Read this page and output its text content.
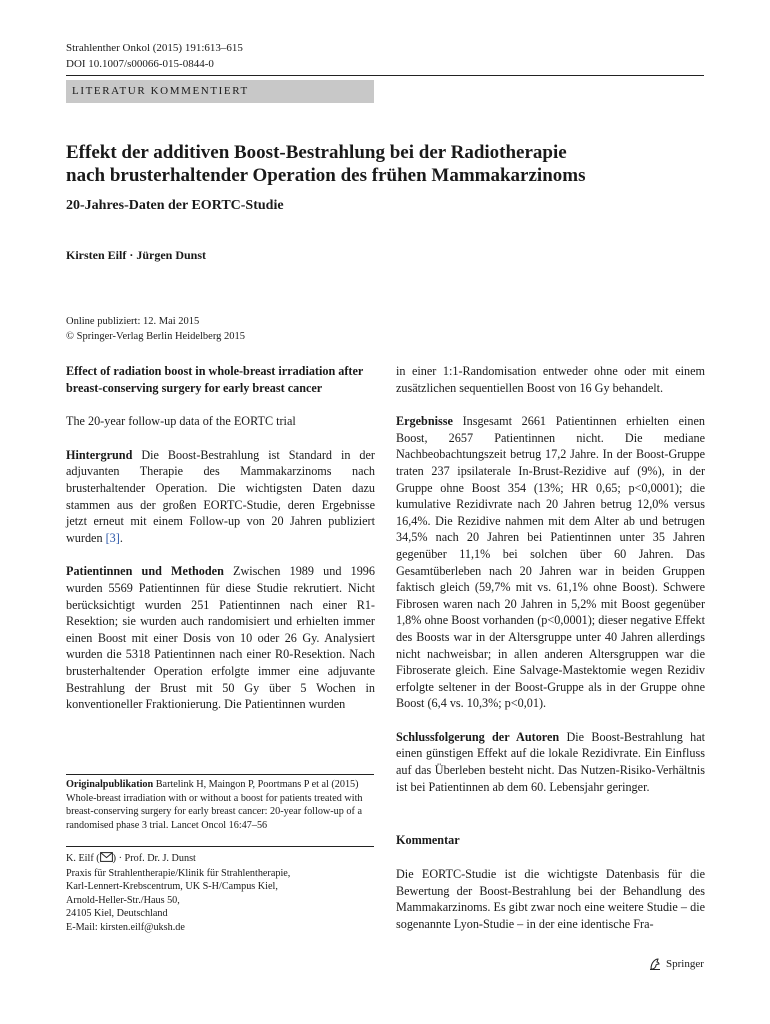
Strahlenther Onkol (2015) 191:613–615
DOI 10.1007/s00066-015-0844-0
LITERATUR KOMMENTIERT
Effekt der additiven Boost-Bestrahlung bei der Radiotherapie
nach brusterhaltender Operation des frühen Mammakarzinoms
20-Jahres-Daten der EORTC-Studie
Kirsten Eilf · Jürgen Dunst
Online publiziert: 12. Mai 2015
© Springer-Verlag Berlin Heidelberg 2015

Effect of radiation boost in whole-breast irradiation after breast-conserving surgery for early breast cancer

The 20-year follow-up data of the EORTC trial

Hintergrund Die Boost-Bestrahlung ist Standard in der adjuvanten Therapie des Mammakarzinoms nach brusterhaltender Operation. Die wichtigsten Daten dazu stammen aus der großen EORTC-Studie, deren Ergebnisse jetzt erneut mit einem Follow-up von 20 Jahren publiziert wurden [3].

Patientinnen und Methoden Zwischen 1989 und 1996 wurden 5569 Patientinnen für diese Studie rekrutiert. Nicht berücksichtigt wurden 251 Patientinnen nach einer R1-Resektion; sie wurden auch randomisiert und erhielten immer einen Boost mit einer Dosis von 10 oder 26 Gy. Analysiert wurden die 5318 Patientinnen nach einer R0-Resektion. Nach brusterhaltender Operation erfolgte immer eine adjuvante Bestrahlung der Brust mit 50 Gy über 5 Wochen in konventioneller Fraktionierung. Die Patientinnen wurden

Originalpublikation Bartelink H, Maingon P, Poortmans P et al (2015) Whole-breast irradiation with or without a boost for patients treated with breast-conserving surgery for early breast cancer: 20-year follow-up of a randomised phase 3 trial. Lancet Oncol 16:47–56
K. Eilf ( ) · Prof. Dr. J. Dunst
Praxis für Strahlentherapie/Klinik für Strahlentherapie,
Karl-Lennert-Krebscentrum, UK S-H/Campus Kiel,
Arnold-Heller-Str./Haus 50,
24105 Kiel, Deutschland
E-Mail: kirsten.eilf@uksh.de

in einer 1:1-Randomisation entweder ohne oder mit einem zusätzlichen sequentiellen Boost von 16 Gy behandelt.

Ergebnisse Insgesamt 2661 Patientinnen erhielten einen Boost, 2657 Patientinnen nicht. Die mediane Nachbeobachtungszeit betrug 17,2 Jahre. In der Boost-Gruppe traten 237 ipsilaterale In-Brust-Rezidive auf (9%), in der Gruppe ohne Boost 354 (13%; HR 0,65; p<0,0001); die kumulative Rezidivrate nach 20 Jahren betrug 12,0% versus 16,4%. Die Rezidive nahmen mit dem Alter ab und betrugen 34,5% nach 20 Jahren bei Patientinnen unter 35 Jahren gegenüber 11,1% bei solchen über 60 Jahren. Das Gesamtüberleben nach 20 Jahren war in beiden Gruppen faktisch gleich (59,7% mit vs. 61,1% ohne Boost). Schwere Fibrosen waren nach 20 Jahren in 5,2% mit Boost gegenüber 1,8% ohne Boost vorhanden (p<0,0001); dieser negative Effekt des Boosts war in der Altersgruppe unter 40 Jahren allerdings nicht nachweisbar; in allen anderen Altersgruppen war die Fibroserate gleich. Eine Salvage-Mastektomie wegen Rezidiv erfolgte seltener in der Boost-Gruppe als in der Gruppe ohne Boost (6,4 vs. 10,3%; p<0,01).

Schlussfolgerung der Autoren Die Boost-Bestrahlung hat einen günstigen Effekt auf die lokale Rezidivrate. Ein Einfluss auf das Überleben besteht nicht. Das Nutzen-Risiko-Verhältnis ist bei Patientinnen ab dem 60. Lebensjahr geringer.

Kommentar
Die EORTC-Studie ist die wichtigste Datenbasis für die Bewertung der Boost-Bestrahlung bei der Behandlung des Mammakarzinoms. Es gibt zwar noch eine weitere Studie – die sogenannte Lyon-Studie – in der eine identische Fra-
Springer
